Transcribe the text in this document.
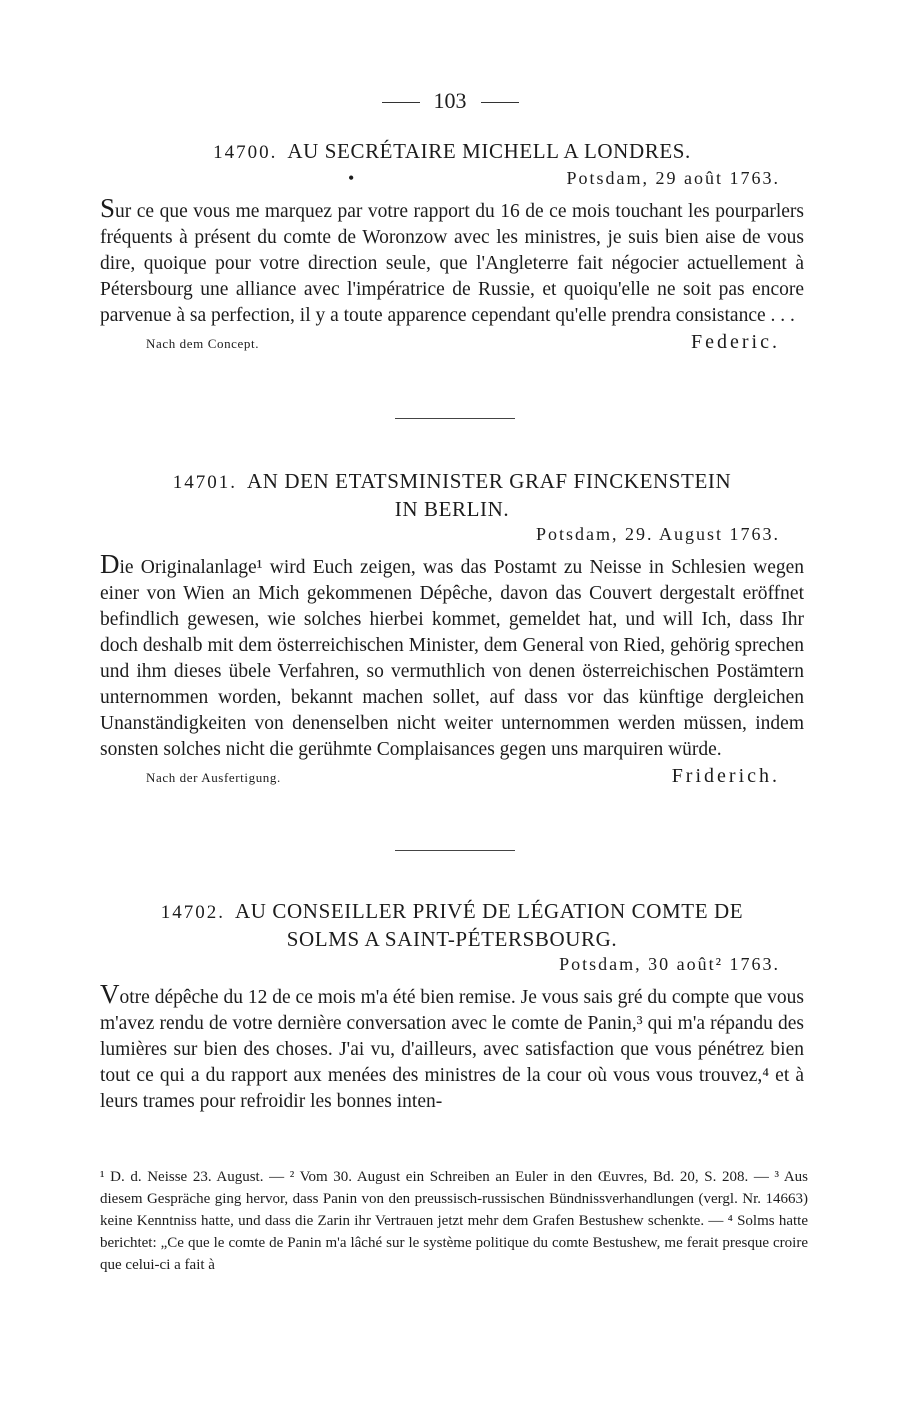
103
14700. AU SECRÉTAIRE MICHELL A LONDRES.
•	Potsdam, 29 août 1763.
Sur ce que vous me marquez par votre rapport du 16 de ce mois touchant les pourparlers fréquents à présent du comte de Woronzow avec les ministres, je suis bien aise de vous dire, quoique pour votre direction seule, que l'Angleterre fait négocier actuellement à Pétersbourg une alliance avec l'impératrice de Russie, et quoiqu'elle ne soit pas encore parvenue à sa perfection, il y a toute apparence cependant qu'elle prendra consistance . . .
Nach dem Concept.	Federic.
14701. AN DEN ETATSMINISTER GRAF FINCKENSTEIN
IN BERLIN.
Potsdam, 29. August 1763.
Die Originalanlage¹ wird Euch zeigen, was das Postamt zu Neisse in Schlesien wegen einer von Wien an Mich gekommenen Dépêche, davon das Couvert dergestalt eröffnet befindlich gewesen, wie solches hierbei kommet, gemeldet hat, und will Ich, dass Ihr doch deshalb mit dem österreichischen Minister, dem General von Ried, gehörig sprechen und ihm dieses übele Verfahren, so vermuthlich von denen österreichischen Postämtern unternommen worden, bekannt machen sollet, auf dass vor das künftige dergleichen Unanständigkeiten von denenselben nicht weiter unternommen werden müssen, indem sonsten solches nicht die gerühmte Complaisances gegen uns marquiren würde.
Nach der Ausfertigung.	Friderich.
14702. AU CONSEILLER PRIVÉ DE LÉGATION COMTE DE
SOLMS A SAINT-PÉTERSBOURG.
Potsdam, 30 août² 1763.
Votre dépêche du 12 de ce mois m'a été bien remise. Je vous sais gré du compte que vous m'avez rendu de votre dernière conversation avec le comte de Panin,³ qui m'a répandu des lumières sur bien des choses. J'ai vu, d'ailleurs, avec satisfaction que vous pénétrez bien tout ce qui a du rapport aux menées des ministres de la cour où vous vous trouvez,⁴ et à leurs trames pour refroidir les bonnes inten-
¹ D. d. Neisse 23. August. — ² Vom 30. August ein Schreiben an Euler in den Œuvres, Bd. 20, S. 208. — ³ Aus diesem Gespräche ging hervor, dass Panin von den preussisch-russischen Bündnissverhandlungen (vergl. Nr. 14663) keine Kenntniss hatte, und dass die Zarin ihr Vertrauen jetzt mehr dem Grafen Bestushew schenkte. — ⁴ Solms hatte berichtet: „Ce que le comte de Panin m'a lâché sur le système politique du comte Bestushew, me ferait presque croire que celui-ci a fait à
